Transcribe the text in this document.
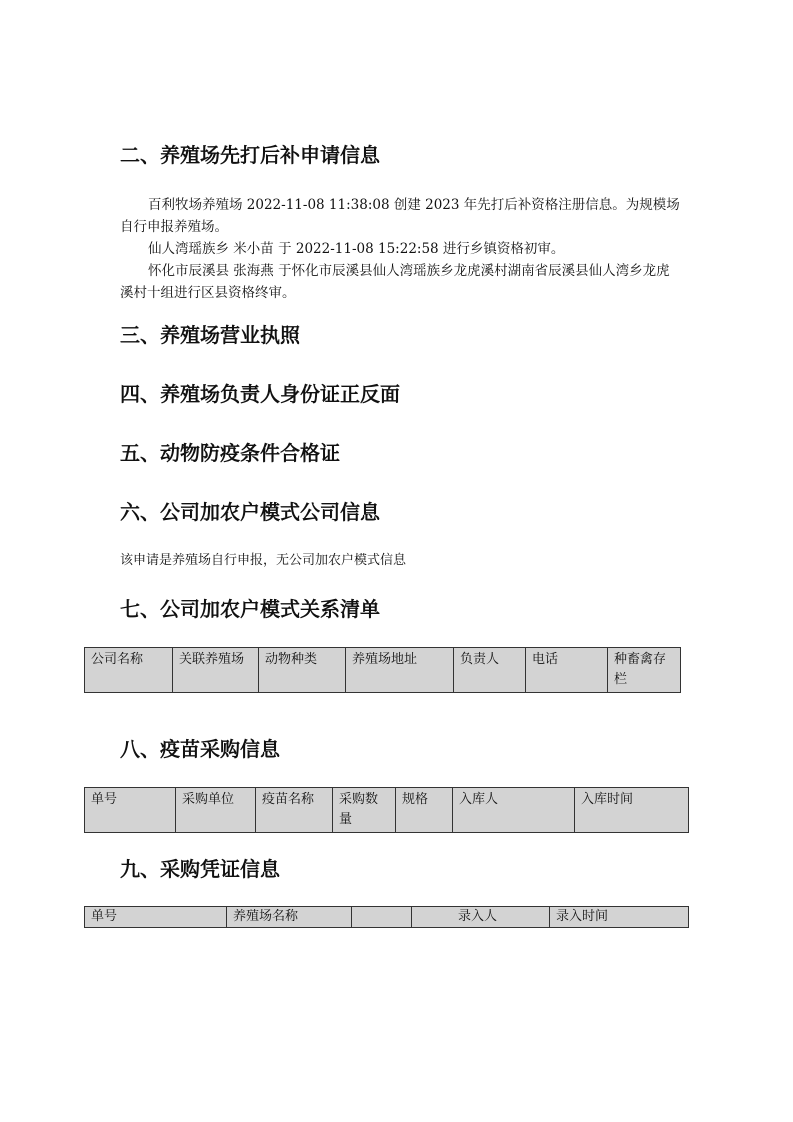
二、养殖场先打后补申请信息

百利牧场养殖场 2022-11-08 11:38:08 创建 2023 年先打后补资格注册信息。为规模场自行申报养殖场。

仙人湾瑶族乡 米小苗 于 2022-11-08 15:22:58 进行乡镇资格初审。

怀化市辰溪县 张海燕 于怀化市辰溪县仙人湾瑶族乡龙虎溪村湖南省辰溪县仙人湾乡龙虎溪村十组进行区县资格终审。

三、养殖场营业执照
四、养殖场负责人身份证正反面
五、动物防疫条件合格证
六、公司加农户模式公司信息

该申请是养殖场自行申报，无公司加农户模式信息

七、公司加农户模式关系清单
公司名称	关联养殖场	动物种类	养殖场地址	负责人	电话	种畜禽存栏
八、疫苗采购信息
单号	采购单位	疫苗名称	采购数量	规格	入库人	入库时间
九、采购凭证信息
单号	养殖场名称		录入人	录入时间
